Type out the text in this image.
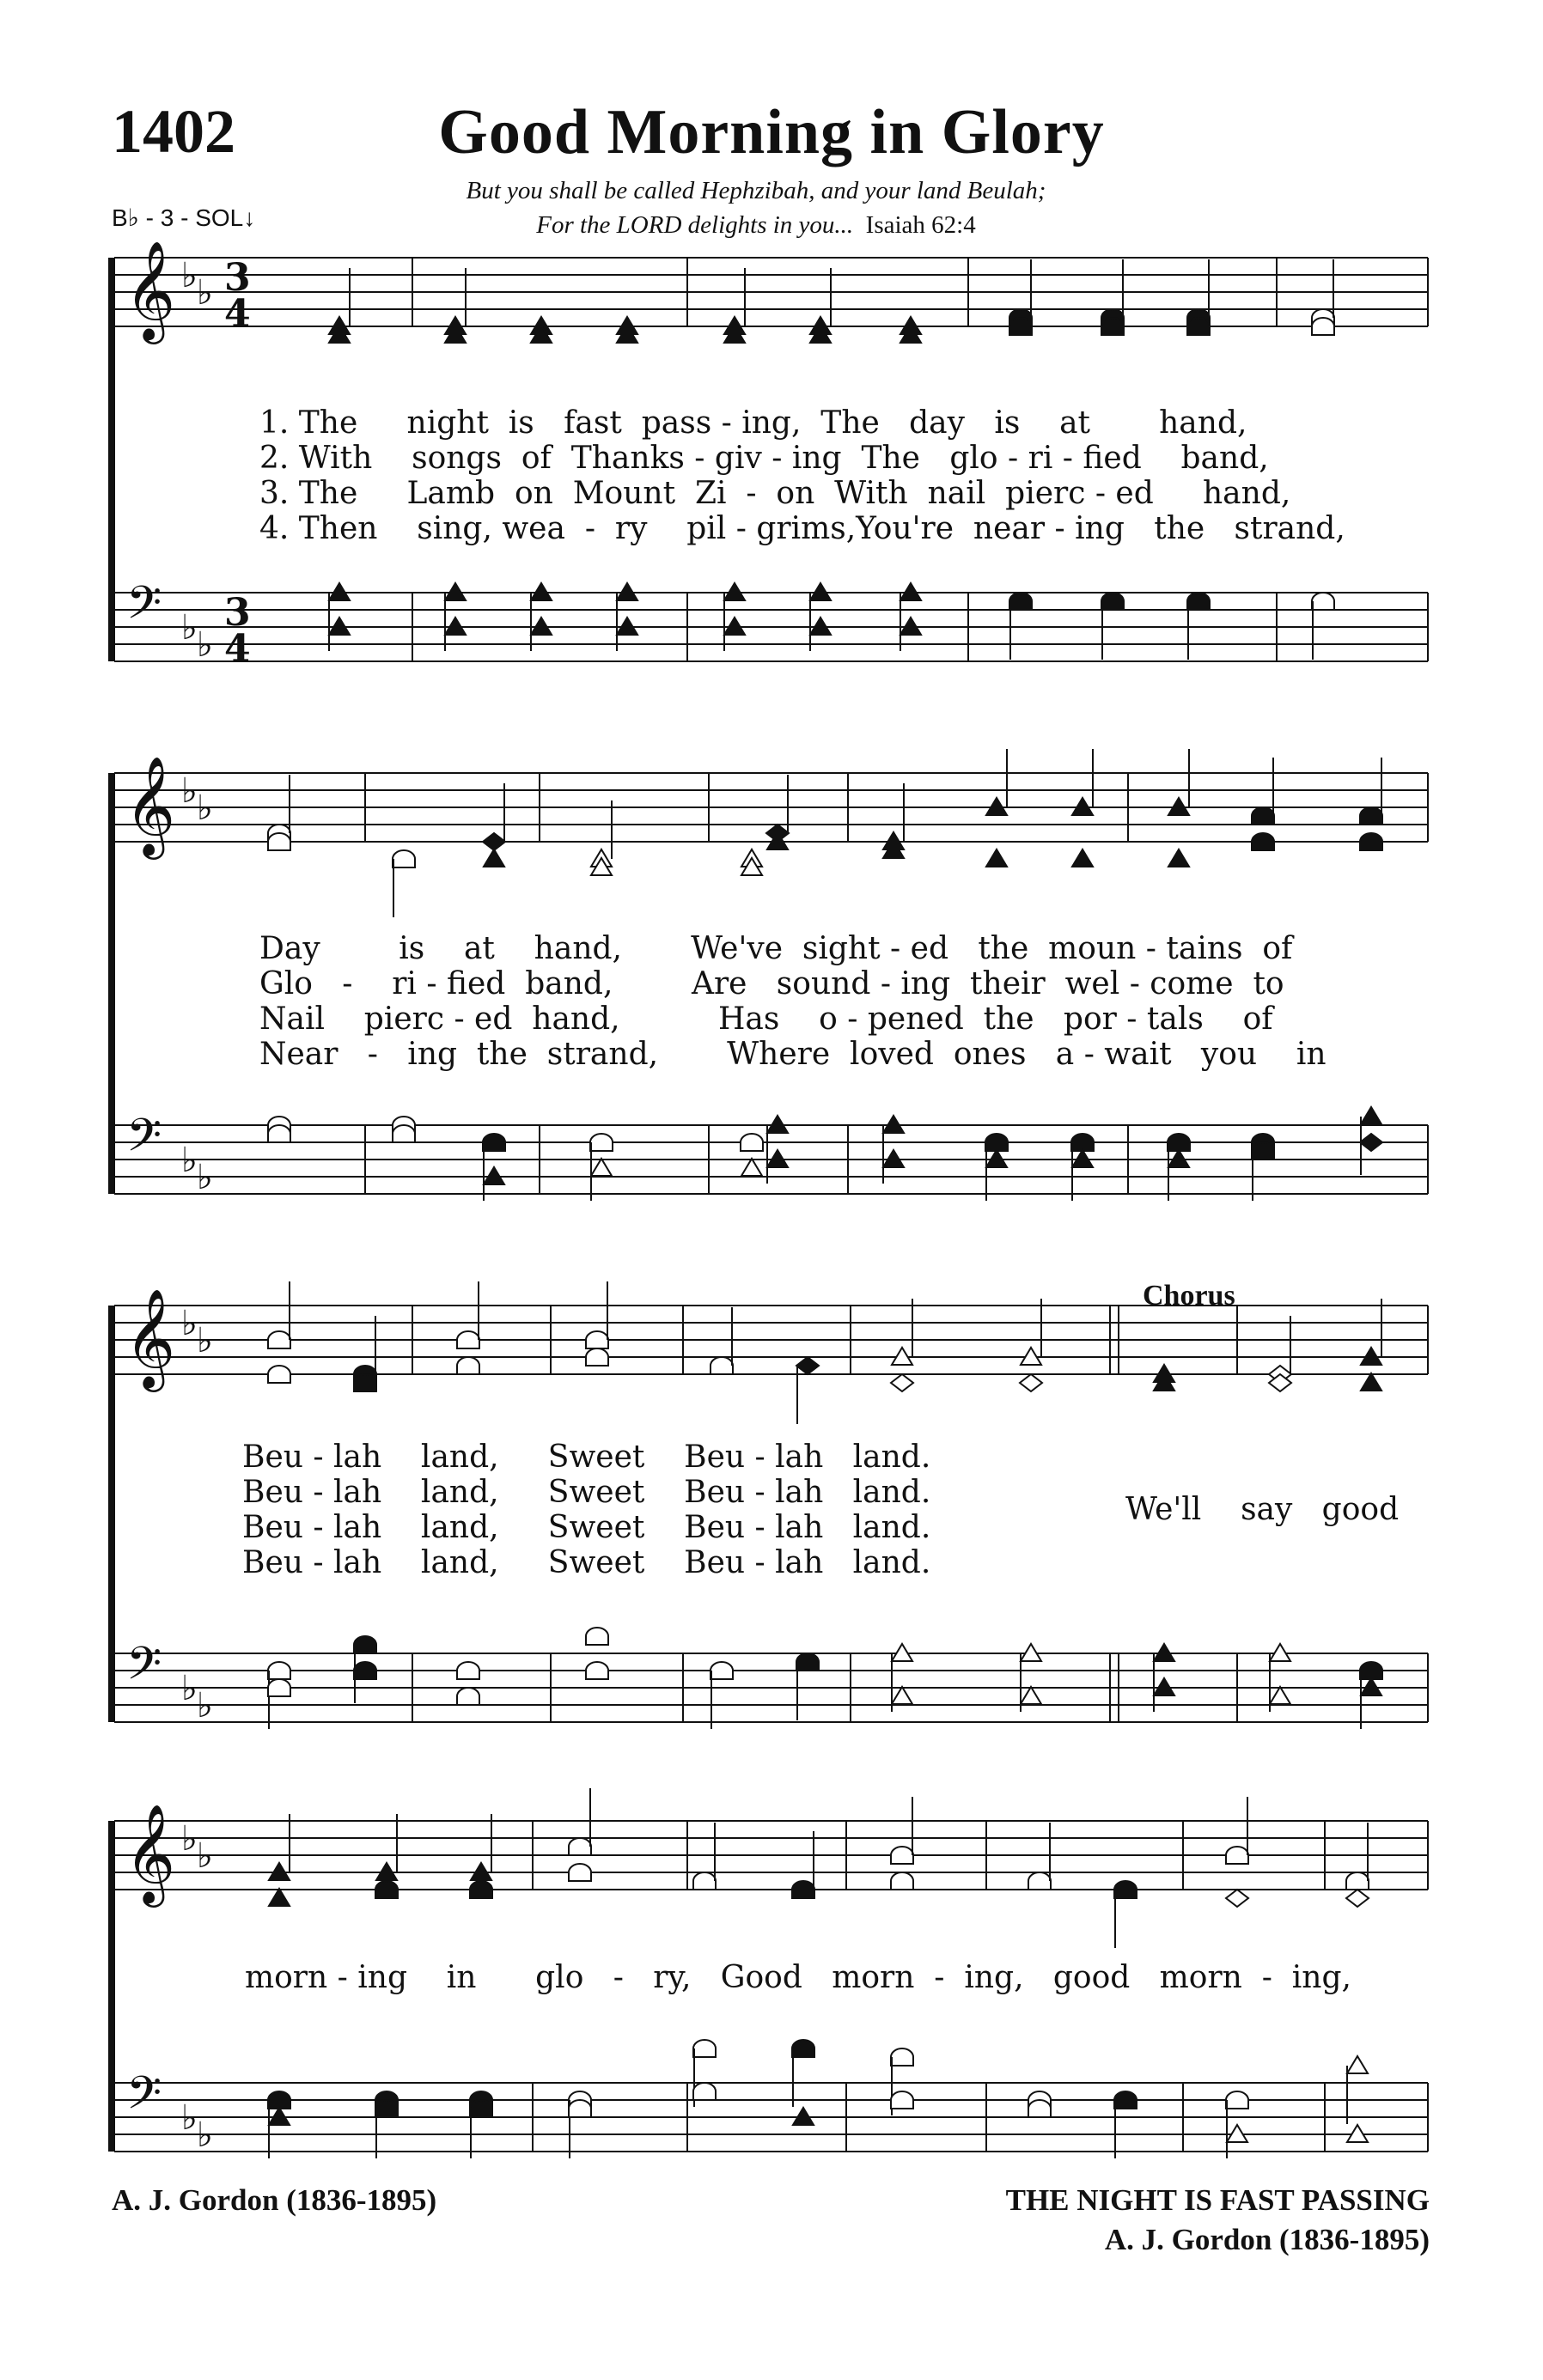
1402	Good Morning in Glory
B♭ - 3 - SOL↓
But you shall be called Hephzibah, and your land Beulah;
For the LORD delights in you... Isaiah 62:4
𝄞
𝄢
♭ ♭
♭ ♭
3
4
3
4
𝄞
𝄢
♭ ♭
♭ ♭
𝄞
𝄢
♭ ♭
♭ ♭
𝄞
𝄢
♭ ♭
♭ ♭
1. The     night  is   fast  pass - ing,  The   day   is    at       hand,
2. With    songs  of  Thanks - giv - ing  The   glo - ri - fied    band,
3. The     Lamb  on  Mount  Zi  -  on  With  nail  pierc - ed     hand,
4. Then    sing, wea  -  ry    pil - grims,You're  near - ing   the   strand,
Day        is    at    hand,       We've  sight - ed   the  moun - tains  of
Glo   -    ri - fied  band,        Are   sound - ing  their  wel - come  to
Nail    pierc - ed  hand,          Has    o - pened  the   por - tals    of
Near   -   ing  the  strand,       Where  loved  ones   a - wait   you    in
Beu - lah    land,     Sweet    Beu - lah   land.
Beu - lah    land,     Sweet    Beu - lah   land.
Beu - lah    land,     Sweet    Beu - lah   land.
Beu - lah    land,     Sweet    Beu - lah   land.
Chorus
We'll    say   good
morn - ing    in      glo   -   ry,   Good   morn  -  ing,   good   morn  -  ing,
A. J. Gordon (1836-1895)	THE NIGHT IS FAST PASSING
A. J. Gordon (1836-1895)
